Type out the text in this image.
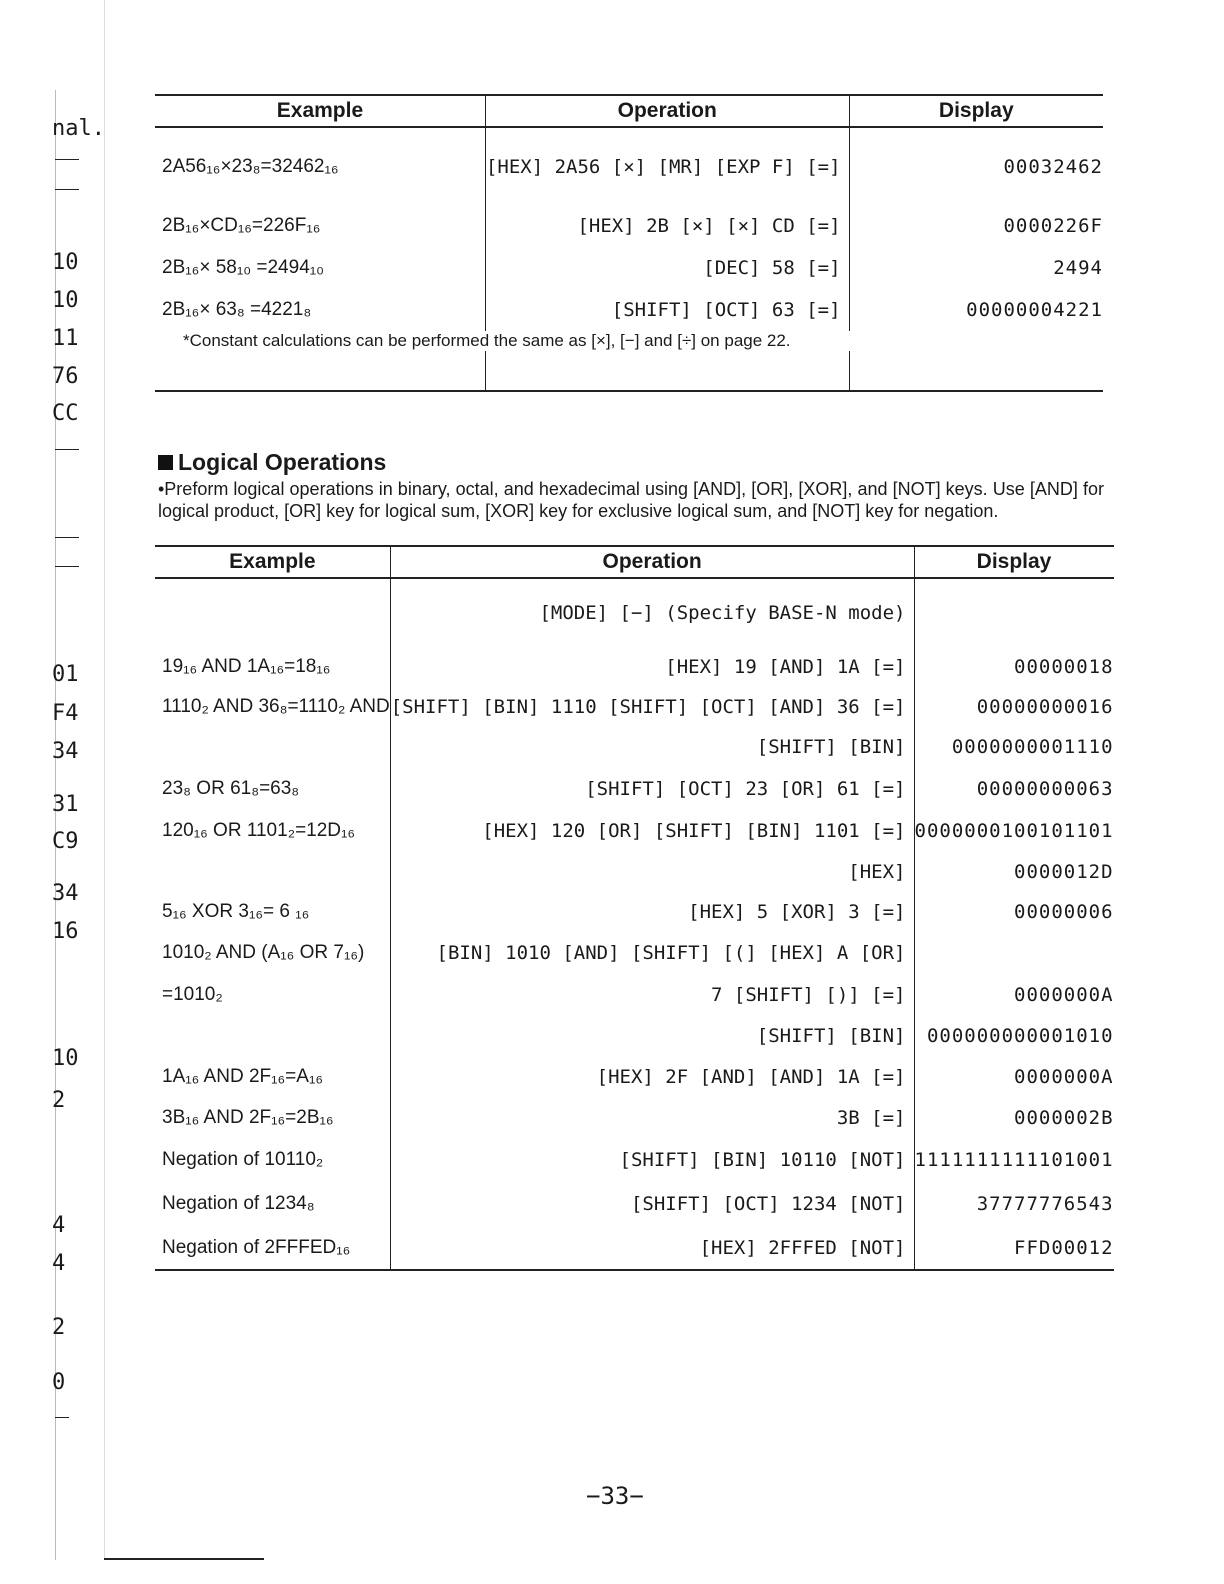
nal.
10
10
11
76
CC
01
F4
34
31
C9
34
16
10
2
4
4
2
0
Example	Operation	Display
2A56₁₆×23₈=32462₁₆	[HEX] 2A56 [×] [MR] [EXP F] [=]	00032462
2B₁₆×CD₁₆=226F₁₆	[HEX] 2B [×] [×] CD [=]	0000226F
2B₁₆× 58₁₀ =2494₁₀	[DEC] 58 [=]	2494
2B₁₆× 63₈ =4221₈	[SHIFT] [OCT] 63 [=]	00000004221

*Constant calculations can be performed the same as [×], [−] and [÷] on page 22.
Logical Operations
•Preform logical operations in binary, octal, and hexadecimal using [AND], [OR], [XOR], and [NOT] keys. Use [AND] for logical product, [OR] key for logical sum, [XOR] key for exclusive logical sum, and [NOT] key for negation.
Example	Operation	Display
	[MODE] [−] (Specify BASE-N mode)	
19₁₆ AND 1A₁₆=18₁₆	[HEX] 19 [AND] 1A [=]	00000018
1110₂ AND 36₈=1110₂ AND	[SHIFT] [BIN] 1110 [SHIFT] [OCT] [AND] 36 [=]	00000000016
	[SHIFT] [BIN]	0000000001110
23₈ OR 61₈=63₈	[SHIFT] [OCT] 23 [OR] 61 [=]	00000000063
120₁₆ OR 1101₂=12D₁₆	[HEX] 120 [OR] [SHIFT] [BIN] 1101 [=]	0000000100101101
	[HEX]	0000012D
5₁₆ XOR 3₁₆= 6 ₁₆	[HEX] 5 [XOR] 3 [=]	00000006
1010₂ AND (A₁₆ OR 7₁₆)	[BIN] 1010 [AND] [SHIFT] [(] [HEX] A [OR]	
=1010₂	7 [SHIFT] [)] [=]	0000000A
	[SHIFT] [BIN]	000000000001010
1A₁₆ AND 2F₁₆=A₁₆	[HEX] 2F [AND] [AND] 1A [=]	0000000A
3B₁₆ AND 2F₁₆=2B₁₆	3B [=]	0000002B
Negation of 10110₂	[SHIFT] [BIN] 10110 [NOT]	1111111111101001
Negation of 1234₈	[SHIFT] [OCT] 1234 [NOT]	37777776543
Negation of 2FFFED₁₆	[HEX] 2FFFED [NOT]	FFD00012
−33−
